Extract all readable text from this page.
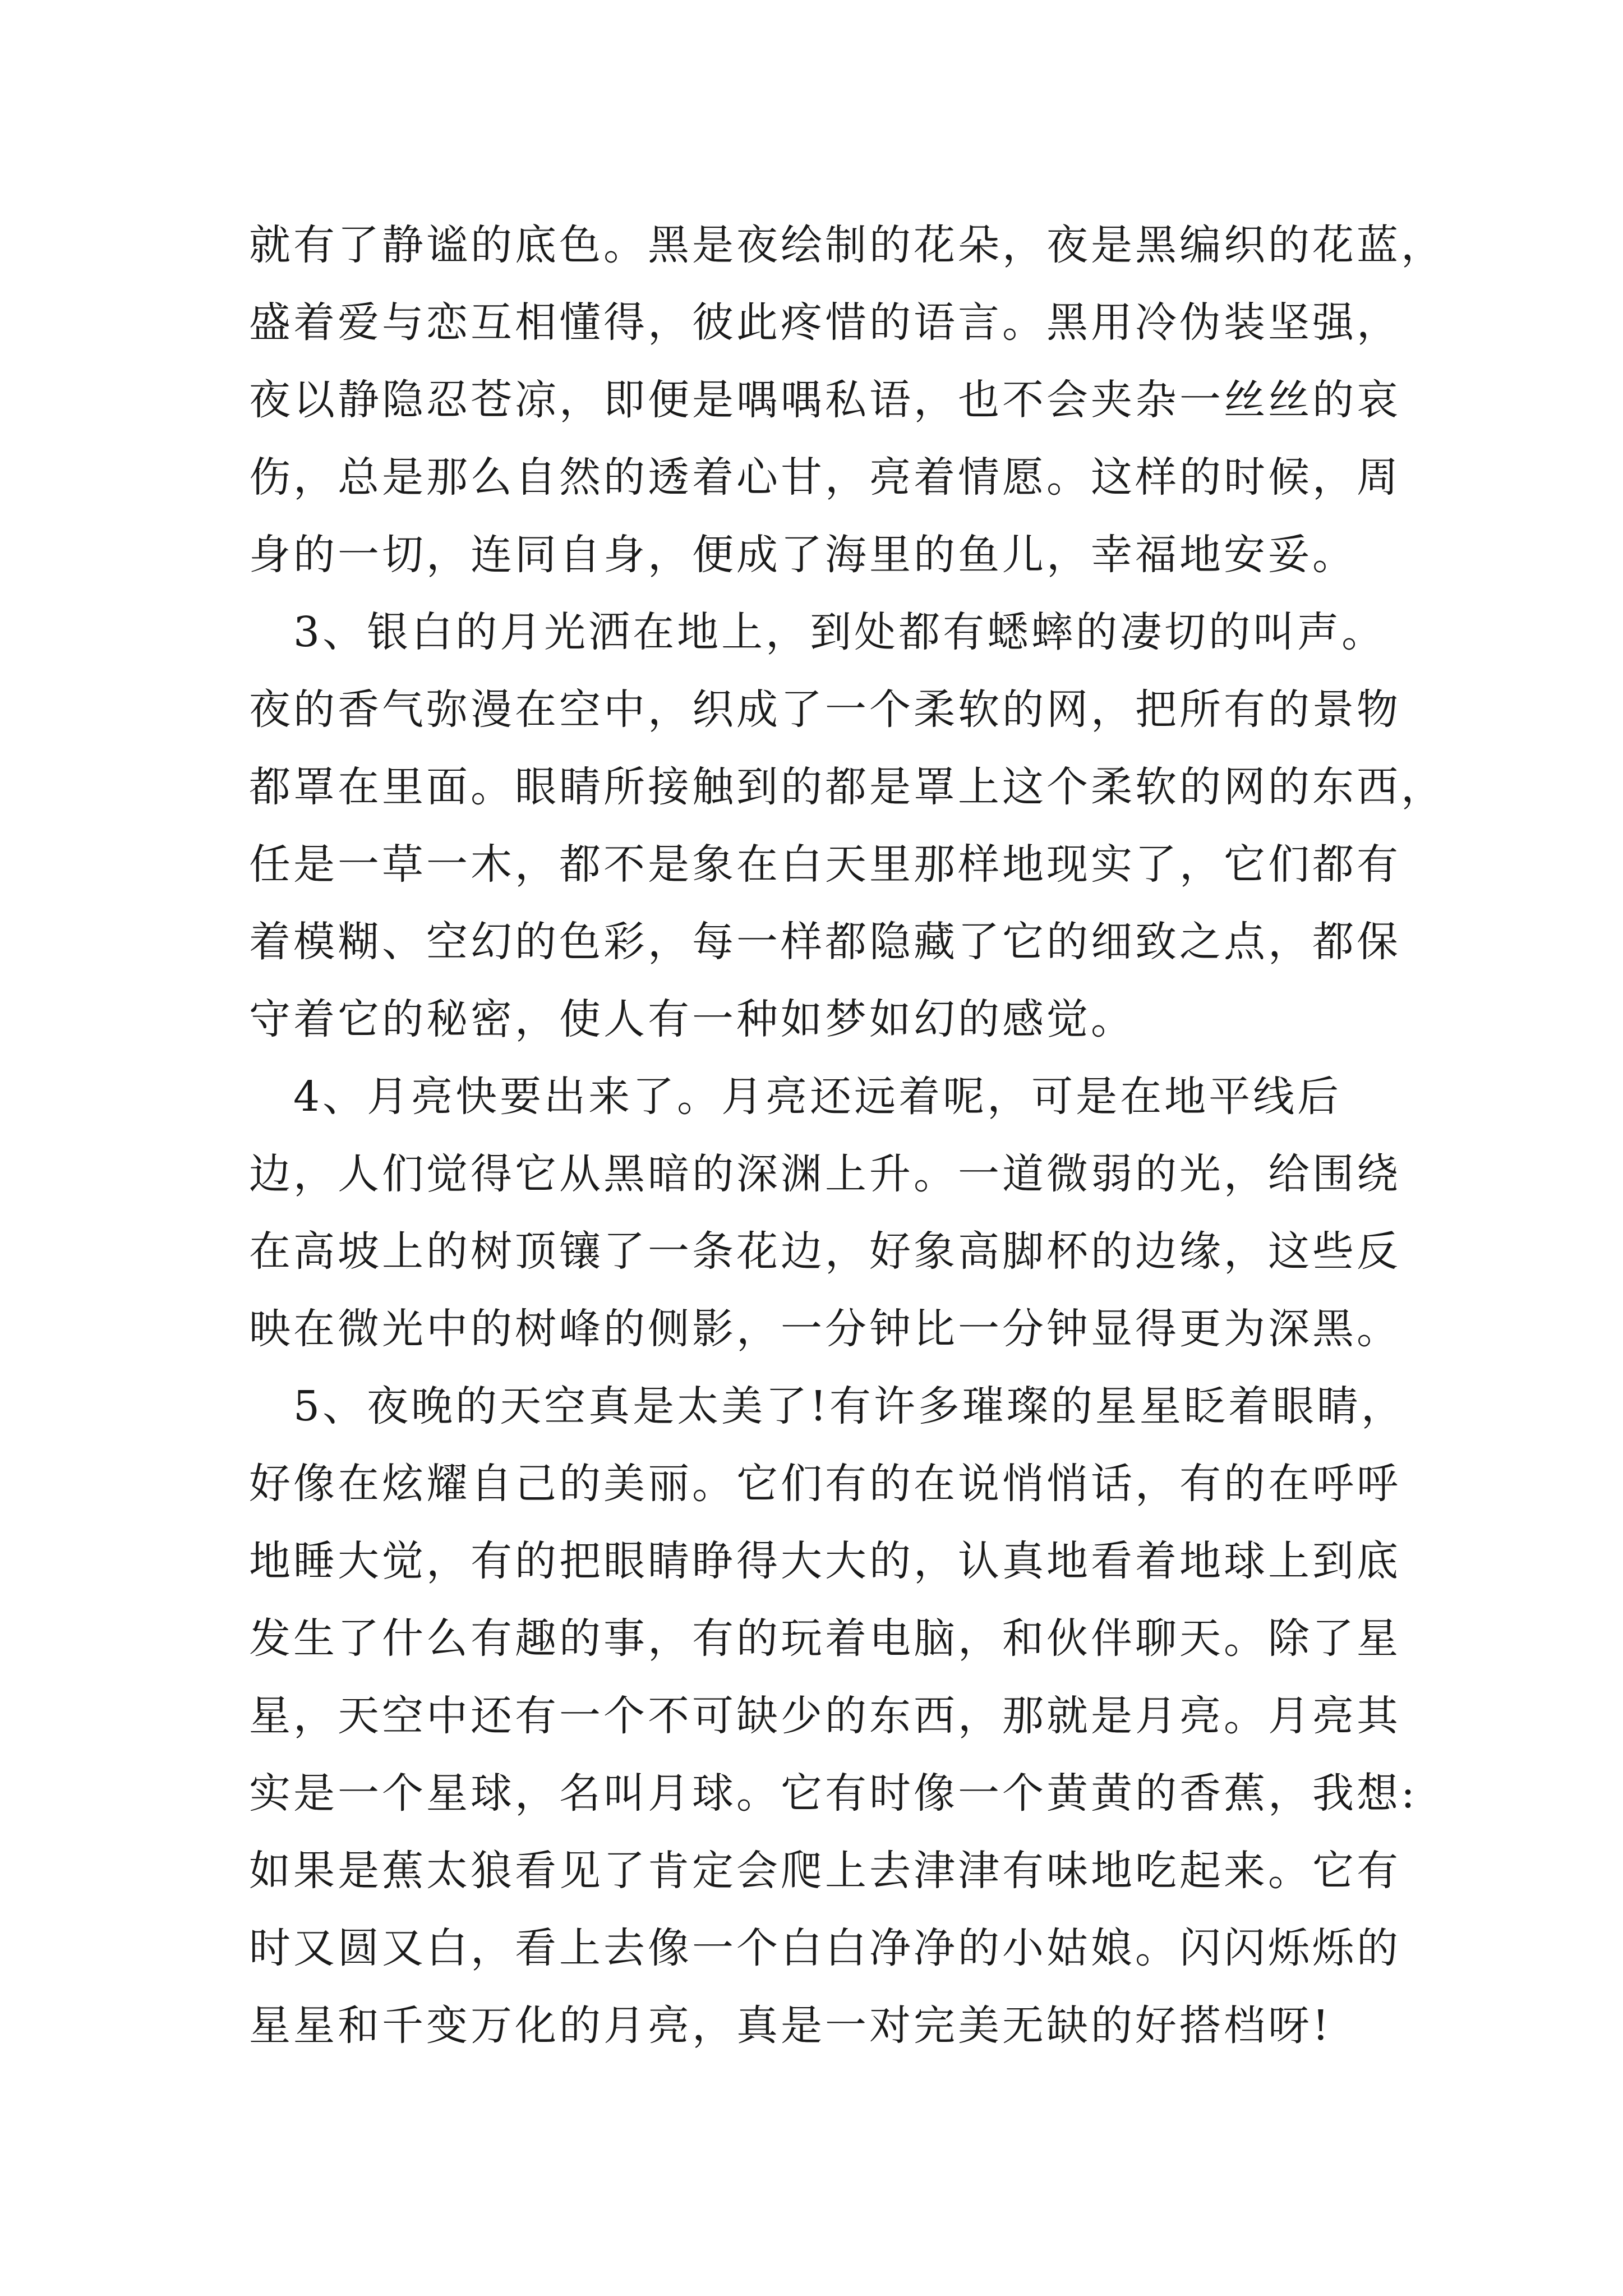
就有了静谧的底色。黑是夜绘制的花朵，夜是黑编织的花蓝，
盛着爱与恋互相懂得，彼此疼惜的语言。黑用冷伪装坚强，
夜以静隐忍苍凉，即便是喁喁私语，也不会夹杂一丝丝的哀
伤，总是那么自然的透着心甘，亮着情愿。这样的时候，周
身的一切，连同自身，便成了海里的鱼儿，幸福地安妥。
　3、银白的月光洒在地上，到处都有蟋蟀的凄切的叫声。
夜的香气弥漫在空中，织成了一个柔软的网，把所有的景物
都罩在里面。眼睛所接触到的都是罩上这个柔软的网的东西，
任是一草一木，都不是象在白天里那样地现实了，它们都有
着模糊、空幻的色彩，每一样都隐藏了它的细致之点，都保
守着它的秘密，使人有一种如梦如幻的感觉。
　4、月亮快要出来了。月亮还远着呢，可是在地平线后
边，人们觉得它从黑暗的深渊上升。一道微弱的光，给围绕
在高坡上的树顶镶了一条花边，好象高脚杯的边缘，这些反
映在微光中的树峰的侧影，一分钟比一分钟显得更为深黑。
　5、夜晚的天空真是太美了!有许多璀璨的星星眨着眼睛，
好像在炫耀自己的美丽。它们有的在说悄悄话，有的在呼呼
地睡大觉，有的把眼睛睁得大大的，认真地看着地球上到底
发生了什么有趣的事，有的玩着电脑，和伙伴聊天。除了星
星，天空中还有一个不可缺少的东西，那就是月亮。月亮其
实是一个星球，名叫月球。它有时像一个黄黄的香蕉，我想:
如果是蕉太狼看见了肯定会爬上去津津有味地吃起来。它有
时又圆又白，看上去像一个白白净净的小姑娘。闪闪烁烁的
星星和千变万化的月亮，真是一对完美无缺的好搭档呀!
